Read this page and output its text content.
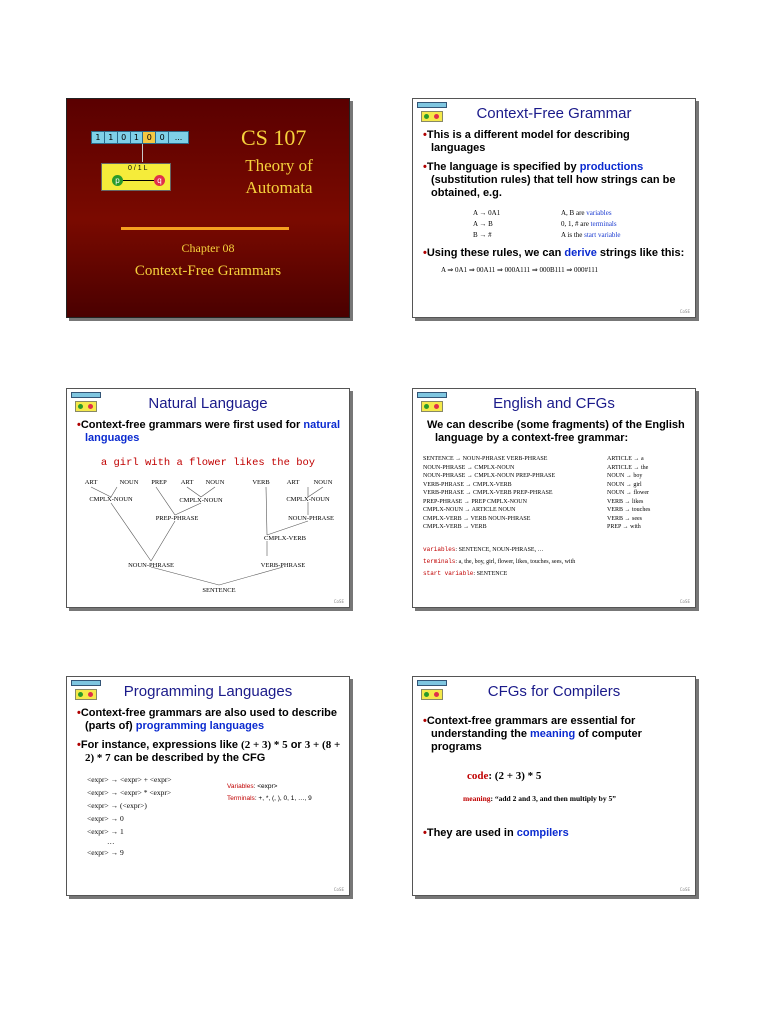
1 1 0 1 0 0	...
0 / 1 L
p	q
CS 107
Theory of
Automata
Chapter 08
Context-Free Grammars
Context-Free Grammar
•This is a different model for describing languages
•The language is specified by productions (substitution rules) that tell how strings can be obtained, e.g.
A → 0A1	A, B are variables
A → B	0, 1, # are terminals
B → #	A is the start variable
•Using these rules, we can derive strings like this:
A ⇒ 0A1 ⇒ 00A11 ⇒ 000A111 ⇒ 000B111 ⇒ 000#111
CoSE
Natural Language
•Context-free grammars were first used for natural languages
a girl with a flower likes the boy
ART	NOUN PREP ART NOUN	VERB	ART NOUN
CMPLX-NOUN	CMPLX-NOUN	CMPLX-NOUN
PREP-PHRASE	NOUN-PHRASE
CMPLX-VERB
NOUN-PHRASE	VERB-PHRASE
SENTENCE
CoSE
English and CFGs
We can describe (some fragments) of the English language by a context-free grammar:
SENTENCE → NOUN-PHRASE VERB-PHRASE
NOUN-PHRASE → CMPLX-NOUN
NOUN-PHRASE → CMPLX-NOUN PREP-PHRASE
VERB-PHRASE → CMPLX-VERB
VERB-PHRASE → CMPLX-VERB PREP-PHRASE
PREP-PHRASE → PREP CMPLX-NOUN
CMPLX-NOUN → ARTICLE NOUN
CMPLX-VERB → VERB NOUN-PHRASE
CMPLX-VERB → VERB
ARTICLE → a
ARTICLE → the
NOUN → boy
NOUN → girl
NOUN → flower
VERB → likes
VERB → touches
VERB → sees
PREP → with
variables: SENTENCE, NOUN-PHRASE, …
terminals: a, the, boy, girl, flower, likes, touches, sees, with
start variable: SENTENCE
CoSE
Programming Languages
•Context-free grammars are also used to describe (parts of) programming languages
•For instance, expressions like (2 + 3) * 5 or 3 + (8 + 2) * 7 can be described by the CFG
<expr> → <expr> + <expr>
<expr> → <expr> * <expr>
<expr> → (<expr>)
<expr> → 0
<expr> → 1
…
<expr> → 9
Variables: <expr>
Terminals: +, *, (, ), 0, 1, …, 9
CoSE
CFGs for Compilers
•Context-free grammars are essential for understanding the meaning of computer programs
code: (2 + 3) * 5
meaning: “add 2 and 3, and then multiply by 5”
•They are used in compilers
CoSE
